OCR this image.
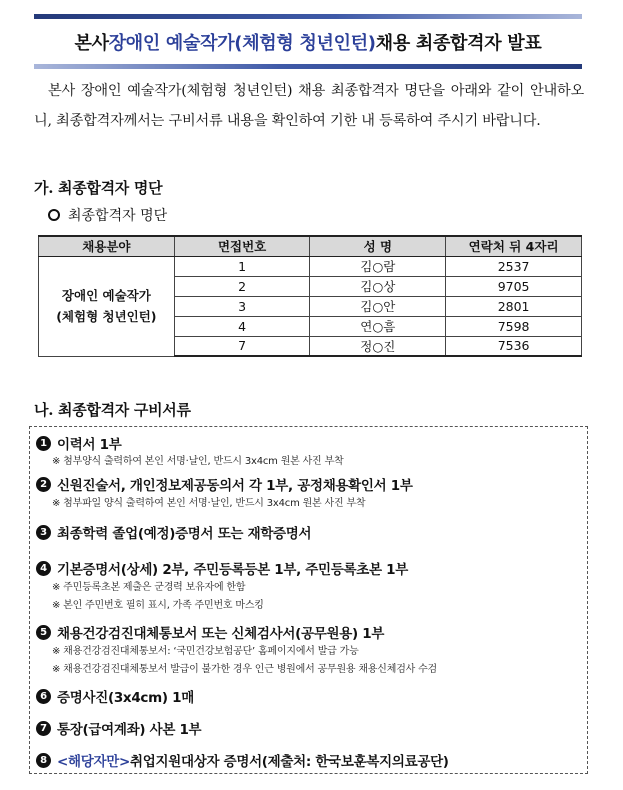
본사 장애인 예술작가(체험형 청년인턴) 채용 최종합격자 발표

본사 장애인 예술작가(체험형 청년인턴) 채용 최종합격자 명단을 아래와 같이 안내하오니, 최종합격자께서는 구비서류 내용을 확인하여 기한 내 등록하여 주시기 바랍니다.

가. 최종합격자 명단
최종합격자 명단
채용분야	면접번호	성 명	연락처 뒤 4자리

장애인 예술작가
(체험형 청년인턴)	1	김○람	2537
	2	김○상	9705
	3	김○안	2801
	4	연○흠	7598
	7	정○진	7536
나. 최종합격자 구비서류
1 이력서 1부
※ 첨부양식 출력하여 본인 서명·날인, 반드시 3x4cm 원본 사진 부착
2 신원진술서, 개인정보제공동의서 각 1부, 공정채용확인서 1부
※ 첨부파일 양식 출력하여 본인 서명·날인, 반드시 3x4cm 원본 사진 부착
3 최종학력 졸업(예정)증명서 또는 재학증명서
4 기본증명서(상세) 2부, 주민등록등본 1부, 주민등록초본 1부
※ 주민등록초본 제출은 군경력 보유자에 한함
※ 본인 주민번호 필히 표시, 가족 주민번호 마스킹
5 채용건강검진대체통보서 또는 신체검사서(공무원용) 1부
※ 채용건강검진대체통보서: ‘국민건강보험공단’ 홈페이지에서 발급 가능
※ 채용건강검진대체통보서 발급이 불가한 경우 인근 병원에서 공무원용 채용신체검사 수검
6 증명사진(3x4cm) 1매
7 통장(급여계좌) 사본 1부
8 <해당자만> 취업지원대상자 증명서(제출처: 한국보훈복지의료공단)
